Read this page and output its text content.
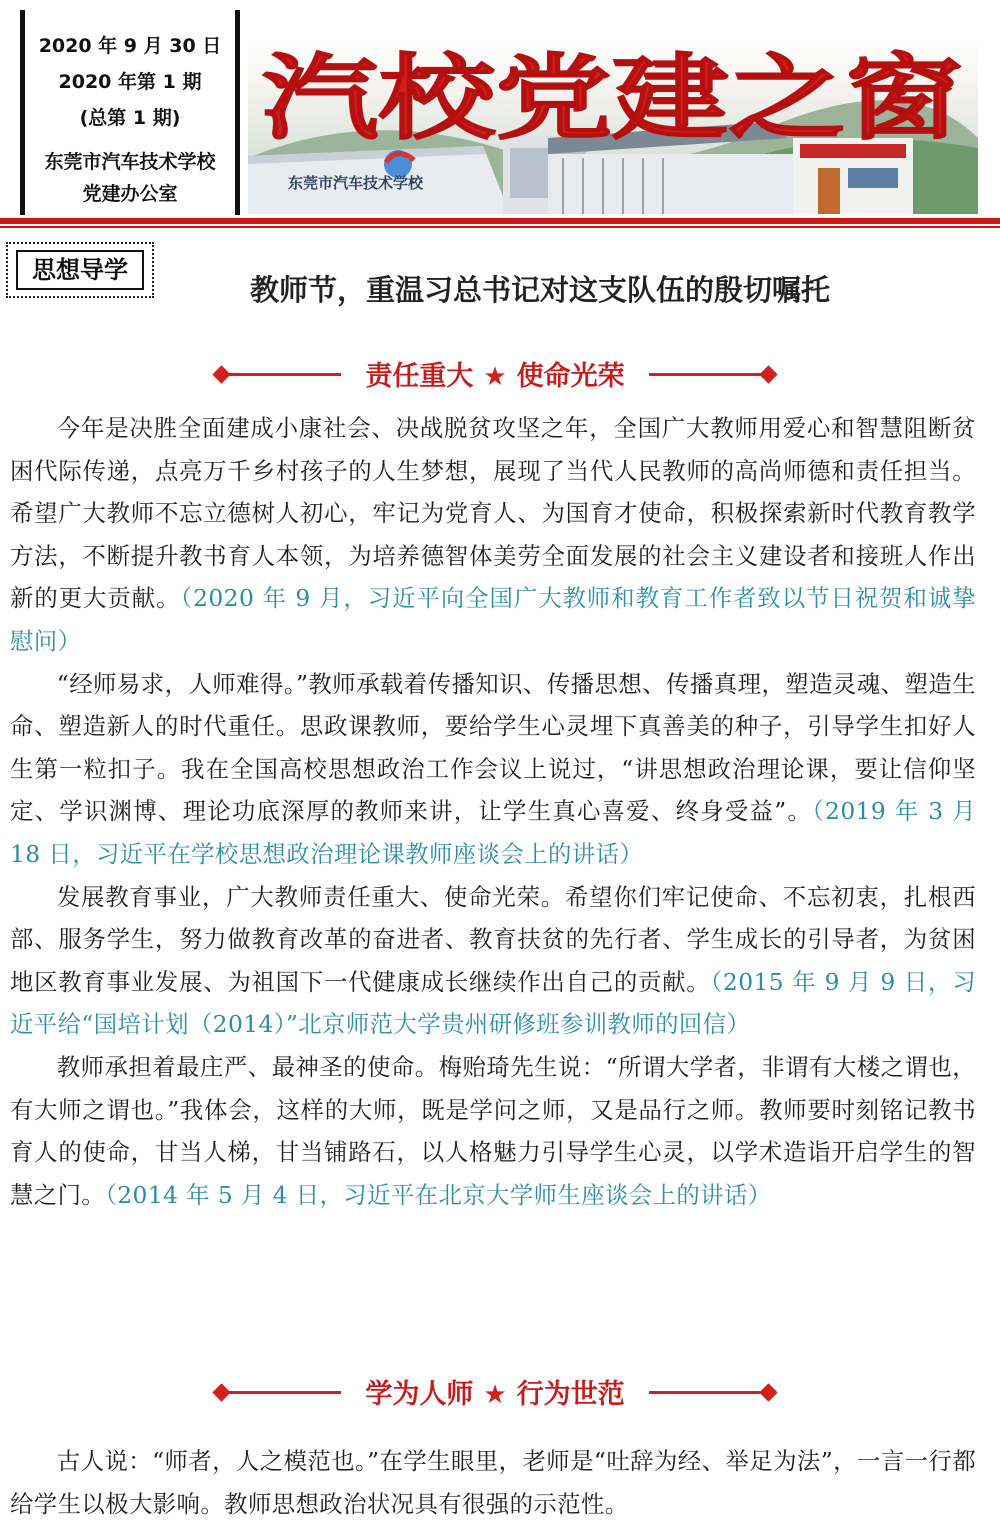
2020 年 9 月 30 日
2020 年第 1 期
(总第 1 期)
东莞市汽车技术学校
党建办公室
汽校党建之窗
东莞市汽车技术学校
思想导学
教师节，重温习总书记对这支队伍的殷切嘱托
责任重大 ★ 使命光荣

今年是决胜全面建成小康社会、决战脱贫攻坚之年，全国广大教师用爱心和智慧阻断贫困代际传递，点亮万千乡村孩子的人生梦想，展现了当代人民教师的高尚师德和责任担当。希望广大教师不忘立德树人初心，牢记为党育人、为国育才使命，积极探索新时代教育教学方法，不断提升教书育人本领，为培养德智体美劳全面发展的社会主义建设者和接班人作出新的更大贡献。（2020 年 9 月，习近平向全国广大教师和教育工作者致以节日祝贺和诚挚慰问）

“经师易求，人师难得。”教师承载着传播知识、传播思想、传播真理，塑造灵魂、塑造生命、塑造新人的时代重任。思政课教师，要给学生心灵埋下真善美的种子，引导学生扣好人生第一粒扣子。我在全国高校思想政治工作会议上说过，“讲思想政治理论课，要让信仰坚定、学识渊博、理论功底深厚的教师来讲，让学生真心喜爱、终身受益”。（2019 年 3 月 18 日，习近平在学校思想政治理论课教师座谈会上的讲话）

发展教育事业，广大教师责任重大、使命光荣。希望你们牢记使命、不忘初衷，扎根西部、服务学生，努力做教育改革的奋进者、教育扶贫的先行者、学生成长的引导者，为贫困地区教育事业发展、为祖国下一代健康成长继续作出自己的贡献。（2015 年 9 月 9 日，习近平给“国培计划（2014）”北京师范大学贵州研修班参训教师的回信）

教师承担着最庄严、最神圣的使命。梅贻琦先生说：“所谓大学者，非谓有大楼之谓也，有大师之谓也。”我体会，这样的大师，既是学问之师，又是品行之师。教师要时刻铭记教书育人的使命，甘当人梯，甘当铺路石，以人格魅力引导学生心灵，以学术造诣开启学生的智慧之门。（2014 年 5 月 4 日，习近平在北京大学师生座谈会上的讲话）

学为人师 ★ 行为世范

古人说：“师者，人之模范也。”在学生眼里，老师是“吐辞为经、举足为法”，一言一行都给学生以极大影响。教师思想政治状况具有很强的示范性。
